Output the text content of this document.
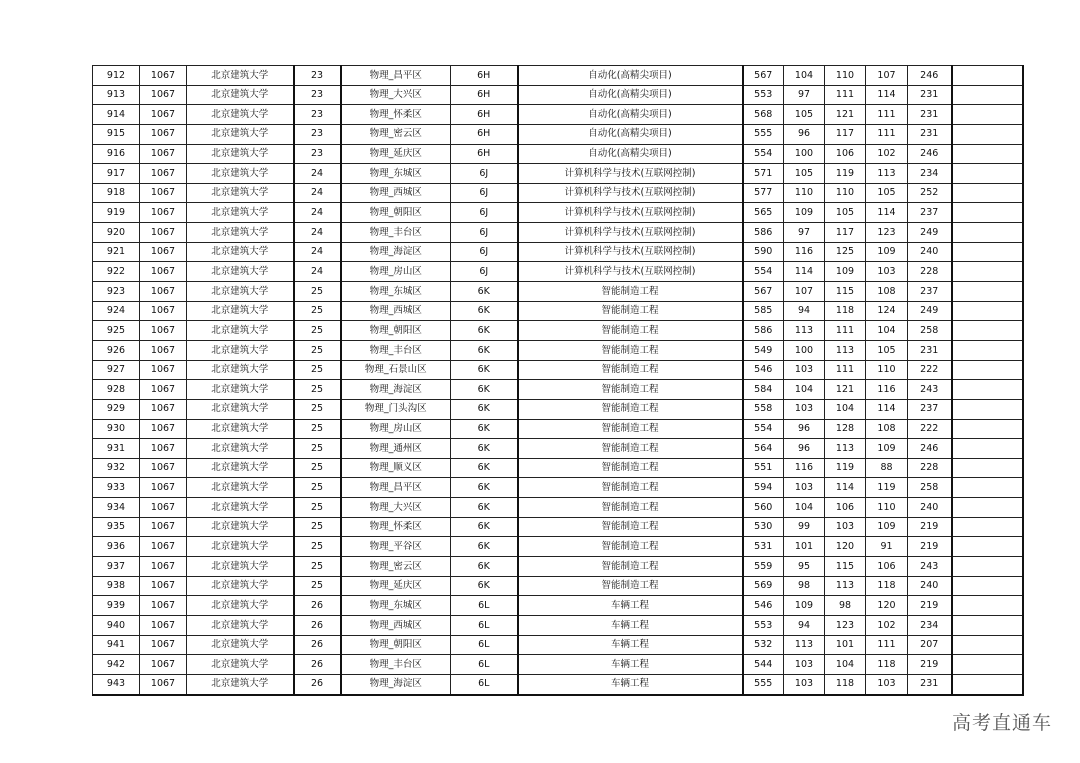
912	1067	北京建筑大学	23	物理_昌平区	6H	自动化(高精尖项目)	567	104	110	107	246	
913	1067	北京建筑大学	23	物理_大兴区	6H	自动化(高精尖项目)	553	97	111	114	231	
914	1067	北京建筑大学	23	物理_怀柔区	6H	自动化(高精尖项目)	568	105	121	111	231	
915	1067	北京建筑大学	23	物理_密云区	6H	自动化(高精尖项目)	555	96	117	111	231	
916	1067	北京建筑大学	23	物理_延庆区	6H	自动化(高精尖项目)	554	100	106	102	246	
917	1067	北京建筑大学	24	物理_东城区	6J	计算机科学与技术(互联网控制)	571	105	119	113	234	
918	1067	北京建筑大学	24	物理_西城区	6J	计算机科学与技术(互联网控制)	577	110	110	105	252	
919	1067	北京建筑大学	24	物理_朝阳区	6J	计算机科学与技术(互联网控制)	565	109	105	114	237	
920	1067	北京建筑大学	24	物理_丰台区	6J	计算机科学与技术(互联网控制)	586	97	117	123	249	
921	1067	北京建筑大学	24	物理_海淀区	6J	计算机科学与技术(互联网控制)	590	116	125	109	240	
922	1067	北京建筑大学	24	物理_房山区	6J	计算机科学与技术(互联网控制)	554	114	109	103	228	
923	1067	北京建筑大学	25	物理_东城区	6K	智能制造工程	567	107	115	108	237	
924	1067	北京建筑大学	25	物理_西城区	6K	智能制造工程	585	94	118	124	249	
925	1067	北京建筑大学	25	物理_朝阳区	6K	智能制造工程	586	113	111	104	258	
926	1067	北京建筑大学	25	物理_丰台区	6K	智能制造工程	549	100	113	105	231	
927	1067	北京建筑大学	25	物理_石景山区	6K	智能制造工程	546	103	111	110	222	
928	1067	北京建筑大学	25	物理_海淀区	6K	智能制造工程	584	104	121	116	243	
929	1067	北京建筑大学	25	物理_门头沟区	6K	智能制造工程	558	103	104	114	237	
930	1067	北京建筑大学	25	物理_房山区	6K	智能制造工程	554	96	128	108	222	
931	1067	北京建筑大学	25	物理_通州区	6K	智能制造工程	564	96	113	109	246	
932	1067	北京建筑大学	25	物理_顺义区	6K	智能制造工程	551	116	119	88	228	
933	1067	北京建筑大学	25	物理_昌平区	6K	智能制造工程	594	103	114	119	258	
934	1067	北京建筑大学	25	物理_大兴区	6K	智能制造工程	560	104	106	110	240	
935	1067	北京建筑大学	25	物理_怀柔区	6K	智能制造工程	530	99	103	109	219	
936	1067	北京建筑大学	25	物理_平谷区	6K	智能制造工程	531	101	120	91	219	
937	1067	北京建筑大学	25	物理_密云区	6K	智能制造工程	559	95	115	106	243	
938	1067	北京建筑大学	25	物理_延庆区	6K	智能制造工程	569	98	113	118	240	
939	1067	北京建筑大学	26	物理_东城区	6L	车辆工程	546	109	98	120	219	
940	1067	北京建筑大学	26	物理_西城区	6L	车辆工程	553	94	123	102	234	
941	1067	北京建筑大学	26	物理_朝阳区	6L	车辆工程	532	113	101	111	207	
942	1067	北京建筑大学	26	物理_丰台区	6L	车辆工程	544	103	104	118	219	
943	1067	北京建筑大学	26	物理_海淀区	6L	车辆工程	555	103	118	103	231	
高考直通车
